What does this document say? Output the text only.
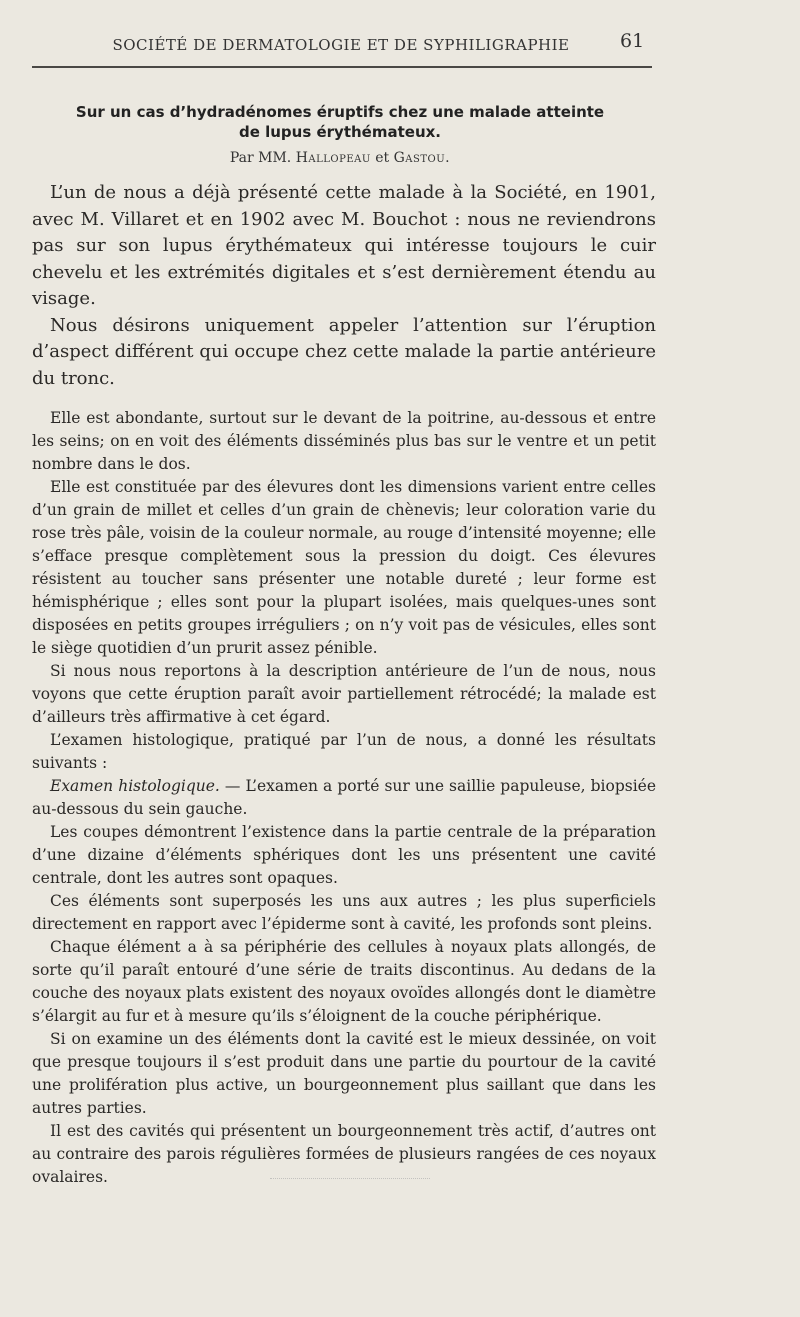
SOCIÉTÉ DE DERMATOLOGIE ET DE SYPHILIGRAPHIE	61
Sur un cas d’hydradénomes éruptifs chez une malade atteinte
de lupus érythémateux.
Par MM. Hallopeau et Gastou.

L’un de nous a déjà présenté cette malade à la Société, en 1901, avec M. Villaret et en 1902 avec M. Bouchot : nous ne reviendrons pas sur son lupus érythémateux qui intéresse toujours le cuir chevelu et les extrémités digitales et s’est dernièrement étendu au visage.

Nous désirons uniquement appeler l’attention sur l’éruption d’aspect différent qui occupe chez cette malade la partie antérieure du tronc.

Elle est abondante, surtout sur le devant de la poitrine, au-dessous et entre les seins; on en voit des éléments disséminés plus bas sur le ventre et un petit nombre dans le dos.

Elle est constituée par des élevures dont les dimensions varient entre celles d’un grain de millet et celles d’un grain de chènevis; leur coloration varie du rose très pâle, voisin de la couleur normale, au rouge d’intensité moyenne; elle s’efface presque complètement sous la pression du doigt. Ces élevures résistent au toucher sans présenter une notable dureté ; leur forme est hémisphérique ; elles sont pour la plupart isolées, mais quelques-unes sont disposées en petits groupes irréguliers ; on n’y voit pas de vésicules, elles sont le siège quotidien d’un prurit assez pénible.

Si nous nous reportons à la description antérieure de l’un de nous, nous voyons que cette éruption paraît avoir partiellement rétrocédé; la malade est d’ailleurs très affirmative à cet égard.

L’examen histologique, pratiqué par l’un de nous, a donné les résultats suivants :

Examen histologique. — L’examen a porté sur une saillie papuleuse, biopsiée au-dessous du sein gauche.

Les coupes démontrent l’existence dans la partie centrale de la préparation d’une dizaine d’éléments sphériques dont les uns présentent une cavité centrale, dont les autres sont opaques.

Ces éléments sont superposés les uns aux autres ; les plus superficiels directement en rapport avec l’épiderme sont à cavité, les profonds sont pleins.

Chaque élément a à sa périphérie des cellules à noyaux plats allongés, de sorte qu’il paraît entouré d’une série de traits discontinus. Au dedans de la couche des noyaux plats existent des noyaux ovoïdes allongés dont le diamètre s’élargit au fur et à mesure qu’ils s’éloignent de la couche périphérique.

Si on examine un des éléments dont la cavité est le mieux dessinée, on voit que presque toujours il s’est produit dans une partie du pourtour de la cavité une prolifération plus active, un bourgeonnement plus saillant que dans les autres parties.

Il est des cavités qui présentent un bourgeonnement très actif, d’autres ont au contraire des parois régulières formées de plusieurs rangées de ces noyaux ovalaires.
